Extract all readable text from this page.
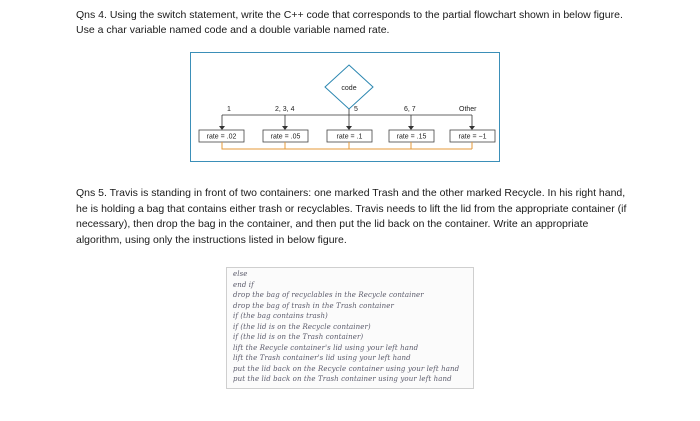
Qns 4. Using the switch statement, write the C++ code that corresponds to the partial flowchart shown in below figure. Use a char variable named code and a double variable named rate.
code
1	2, 3, 4	5	6, 7	Other
rate = .02	rate = .05	rate = .1	rate = .15	rate = −1
Qns 5. Travis is standing in front of two containers: one marked Trash and the other marked Recycle. In his right hand, he is holding a bag that contains either trash or recyclables. Travis needs to lift the lid from the appropriate container (if necessary), then drop the bag in the container, and then put the lid back on the container. Write an appropriate algorithm, using only the instructions listed in below figure.
else
end if
drop the bag of recyclables in the Recycle container
drop the bag of trash in the Trash container
if (the bag contains trash)
if (the lid is on the Recycle container)
if (the lid is on the Trash container)
lift the Recycle container's lid using your left hand
lift the Trash container's lid using your left hand
put the lid back on the Recycle container using your left hand
put the lid back on the Trash container using your left hand
